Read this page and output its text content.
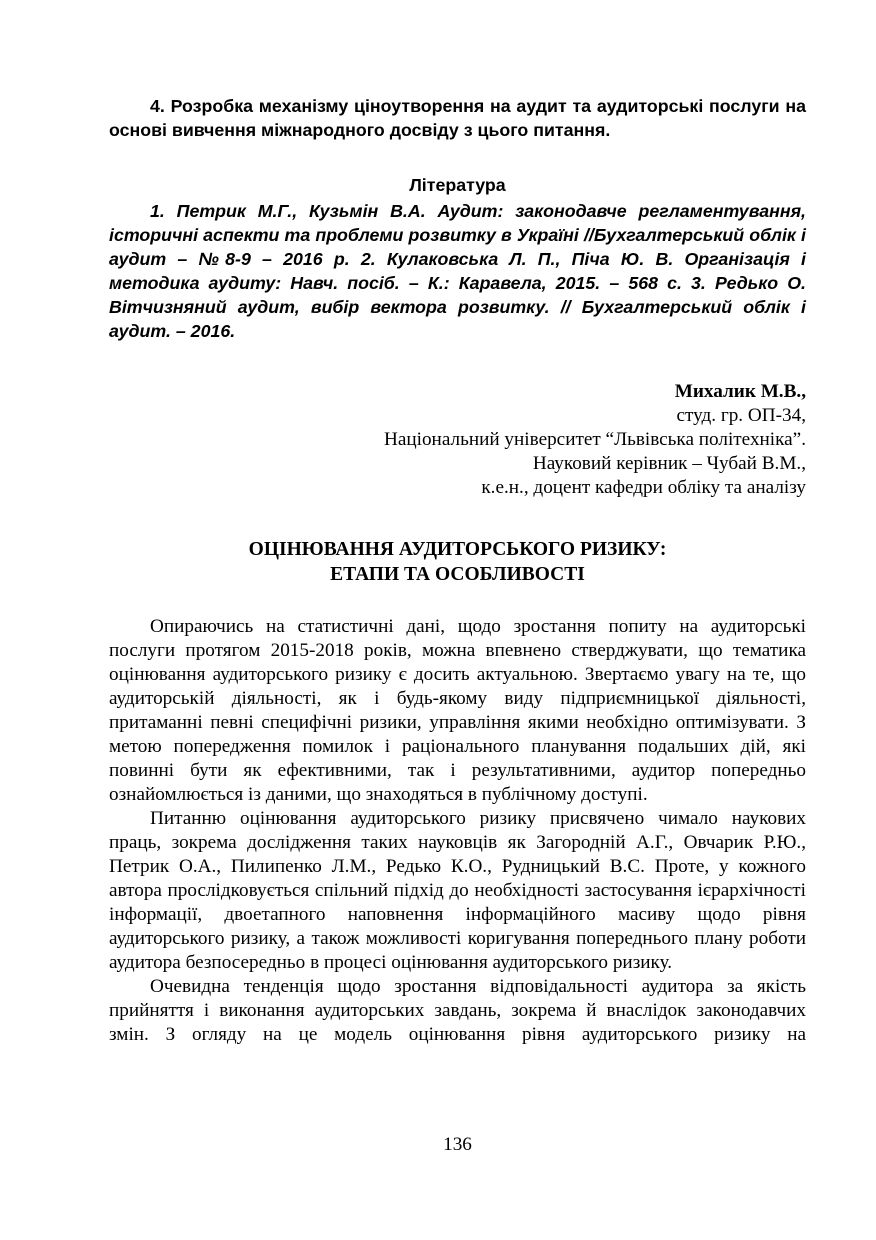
4. Розробка механізму ціноутворення на аудит та аудиторські послуги на основі вивчення міжнародного досвіду з цього питання.

Література

1. Петрик М.Г., Кузьмін В.А. Аудит: законодавче регламентування, історичні аспекти та проблеми розвитку в Україні //Бухгалтерський облік і аудит – №8-9 – 2016 р. 2. Кулаковська Л. П., Піча Ю. В. Організація і методика аудиту: Навч. посіб. – К.: Каравела, 2015. – 568 с. 3. Редько О. Вітчизняний аудит, вибір вектора розвитку. // Бухгалтерський облік і аудит. – 2016.

Михалик М.В.,

студ. гр. ОП-34,

Національний університет “Львівська політехніка”.

Науковий керівник – Чубай В.М.,

к.е.н., доцент кафедри обліку та аналізу

ОЦІНЮВАННЯ АУДИТОРСЬКОГО РИЗИКУ:
ЕТАПИ ТА ОСОБЛИВОСТІ

Опираючись на статистичні дані, щодо зростання попиту на аудиторські послуги протягом 2015-2018 років, можна впевнено стверджувати, що тематика оцінювання аудиторського ризику є досить актуальною. Звертаємо увагу на те, що аудиторській діяльності, як і будь-якому виду підприємницької діяльності, притаманні певні специфічні ризики, управління якими необхідно оптимізувати. З метою попередження помилок і раціонального планування подальших дій, які повинні бути як ефективними, так і результативними, аудитор попередньо ознайомлюється із даними, що знаходяться в публічному доступі.

Питанню оцінювання аудиторського ризику присвячено чимало наукових праць, зокрема дослідження таких науковців як Загородній А.Г., Овчарик Р.Ю., Петрик О.А., Пилипенко Л.М., Редько К.О., Рудницький В.С. Проте, у кожного автора прослідковується спільний підхід до необхідності застосування ієрархічності інформації, двоетапного наповнення інформаційного масиву щодо рівня аудиторського ризику, а також можливості коригування попереднього плану роботи аудитора безпосередньо в процесі оцінювання аудиторського ризику.

Очевидна тенденція щодо зростання відповідальності аудитора за якість прийняття і виконання аудиторських завдань, зокрема й внаслідок законодавчих змін. З огляду на це модель оцінювання рівня аудиторського ризику на

136
